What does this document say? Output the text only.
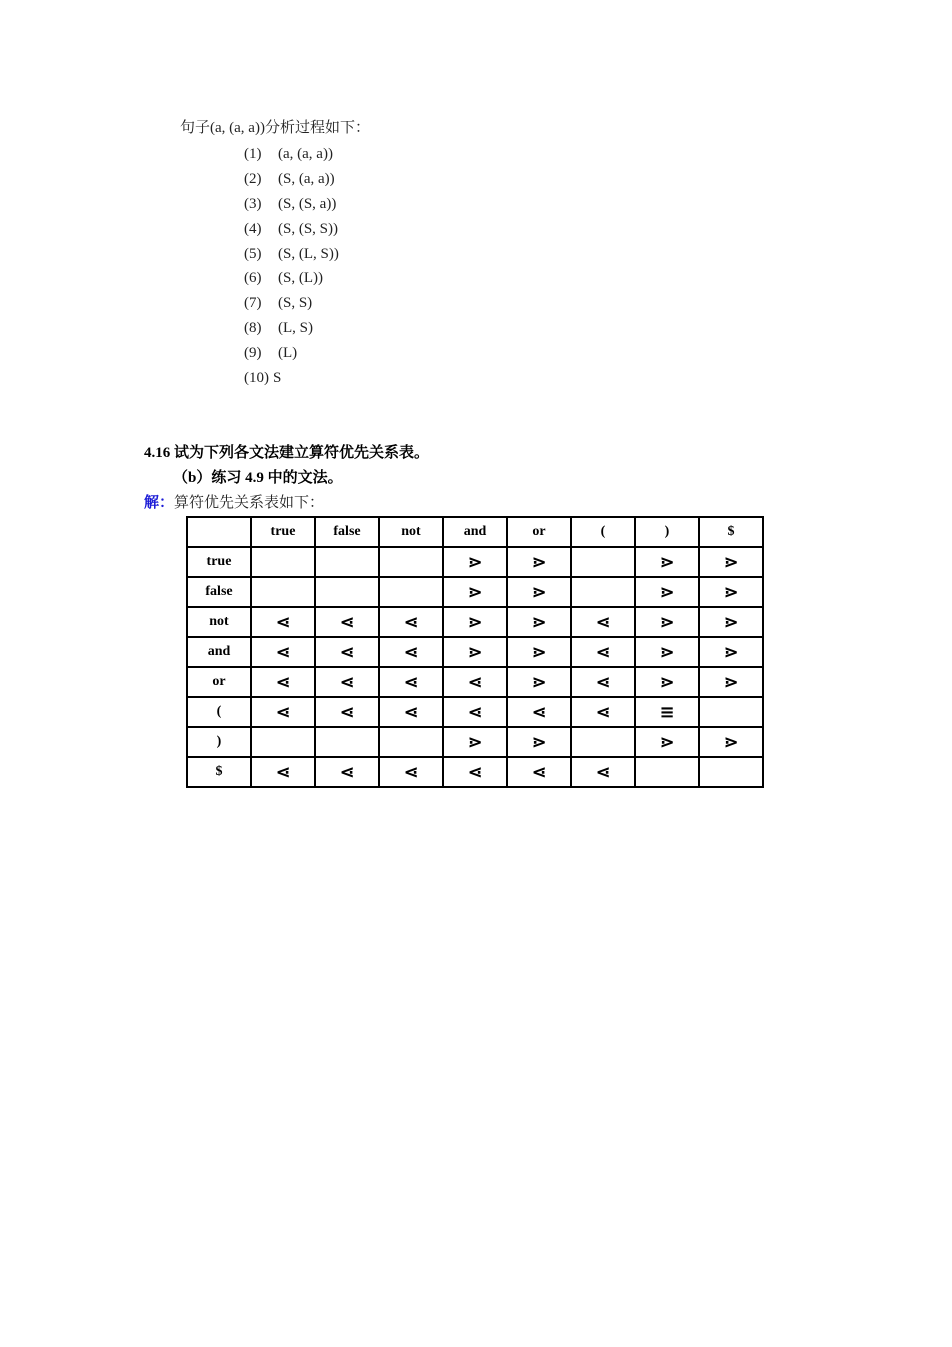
句子(a, (a, a))分析过程如下：
(1) (a, (a, a))
(2) (S, (a, a))
(3) (S, (S, a))
(4) (S, (S, S))
(5) (S, (L, S))
(6) (S, (L))
(7) (S, S)
(8) (L, S)
(9) (L)
(10) S
4.16 试为下列各文法建立算符优先关系表。
（b）练习 4.9 中的文法。
解：算符优先关系表如下：
	true	false	not	and	or	(	)	$
true				⋗	⋗		⋗	⋗
false				⋗	⋗		⋗	⋗
not	⋖	⋖	⋖	⋗	⋗	⋖	⋗	⋗
and	⋖	⋖	⋖	⋗	⋗	⋖	⋗	⋗
or	⋖	⋖	⋖	⋖	⋗	⋖	⋗	⋗
(	⋖	⋖	⋖	⋖	⋖	⋖	≡	
)				⋗	⋗		⋗	⋗
$	⋖	⋖	⋖	⋖	⋖	⋖		
